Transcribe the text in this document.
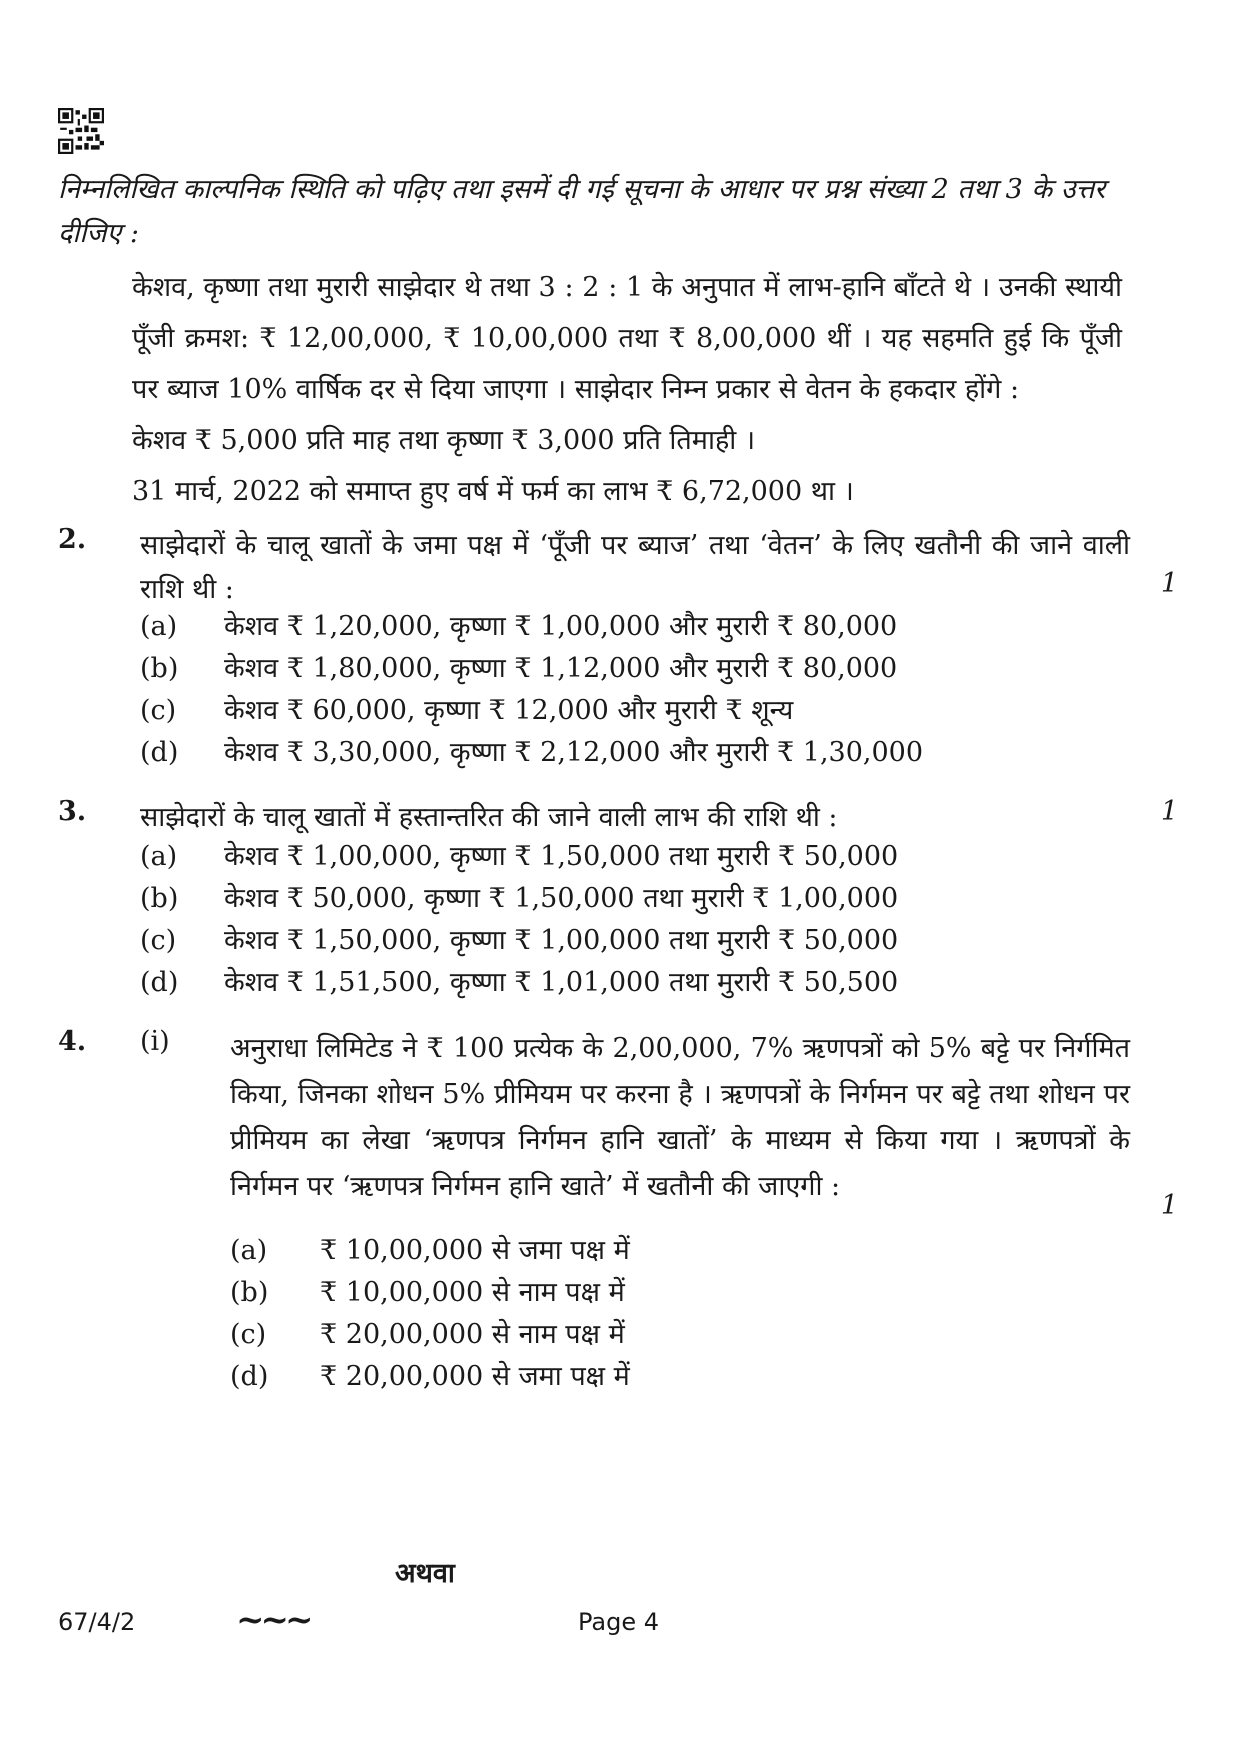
निम्नलिखित काल्पनिक स्थिति को पढ़िए तथा इसमें दी गई सूचना के आधार पर प्रश्न संख्या 2 तथा 3 के उत्तर दीजिए :

केशव, कृष्णा तथा मुरारी साझेदार थे तथा 3 : 2 : 1 के अनुपात में लाभ-हानि बाँटते थे । उनकी स्थायी पूँजी क्रमश: ₹ 12,00,000, ₹ 10,00,000 तथा ₹ 8,00,000 थीं । यह सहमति हुई कि पूँजी पर ब्याज 10% वार्षिक दर से दिया जाएगा । साझेदार निम्न प्रकार से वेतन के हकदार होंगे :

केशव ₹ 5,000 प्रति माह तथा कृष्णा ₹ 3,000 प्रति तिमाही ।

31 मार्च, 2022 को समाप्त हुए वर्ष में फर्म का लाभ ₹ 6,72,000 था ।

2.	साझेदारों के चालू खातों के जमा पक्ष में ‘पूँजी पर ब्याज’ तथा ‘वेतन’ के लिए खतौनी की जाने वाली राशि थी :	1
(a) केशव ₹ 1,20,000, कृष्णा ₹ 1,00,000 और मुरारी ₹ 80,000
(b) केशव ₹ 1,80,000, कृष्णा ₹ 1,12,000 और मुरारी ₹ 80,000
(c) केशव ₹ 60,000, कृष्णा ₹ 12,000 और मुरारी ₹ शून्य
(d) केशव ₹ 3,30,000, कृष्णा ₹ 2,12,000 और मुरारी ₹ 1,30,000
3.	साझेदारों के चालू खातों में हस्तान्तरित की जाने वाली लाभ की राशि थी :	1
(a) केशव ₹ 1,00,000, कृष्णा ₹ 1,50,000 तथा मुरारी ₹ 50,000
(b) केशव ₹ 50,000, कृष्णा ₹ 1,50,000 तथा मुरारी ₹ 1,00,000
(c) केशव ₹ 1,50,000, कृष्णा ₹ 1,00,000 तथा मुरारी ₹ 50,000
(d) केशव ₹ 1,51,500, कृष्णा ₹ 1,01,000 तथा मुरारी ₹ 50,500
4.	(i)	अनुराधा लिमिटेड ने ₹ 100 प्रत्येक के 2,00,000, 7% ऋणपत्रों को 5% बट्टे पर निर्गमित किया, जिनका शोधन 5% प्रीमियम पर करना है । ऋणपत्रों के निर्गमन पर बट्टे तथा शोधन पर प्रीमियम का लेखा ‘ऋणपत्र निर्गमन हानि खातों’ के माध्यम से किया गया । ऋणपत्रों के निर्गमन पर ‘ऋणपत्र निर्गमन हानि खाते’ में खतौनी की जाएगी :
1
(a) ₹ 10,00,000 से जमा पक्ष में
(b) ₹ 10,00,000 से नाम पक्ष में
(c) ₹ 20,00,000 से नाम पक्ष में
(d) ₹ 20,00,000 से जमा पक्ष में
अथवा
67/4/2	~~~	Page 4
